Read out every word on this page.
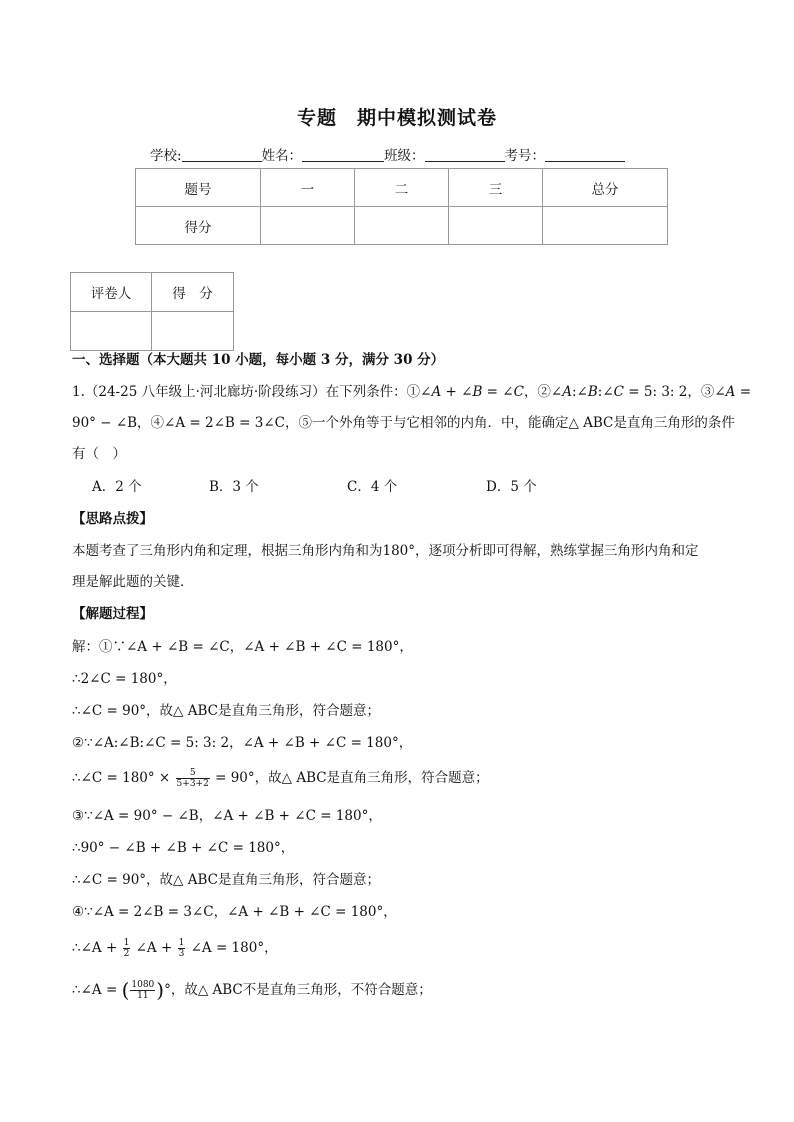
专题　期中模拟测试卷
学校:	姓名：	班级：	考号：
题号	一	二	三	总分
得分				
评卷人	得　分

一、选择题（本大题共 10 小题，每小题 3 分，满分 30 分）
1.（24-25 八年级上·河北廊坊·阶段练习）在下列条件：①∠A + ∠B = ∠C，②∠A:∠B:∠C = 5: 3: 2，③∠A =
90° − ∠B，④∠A = 2∠B = 3∠C，⑤一个外角等于与它相邻的内角．中，能确定△ ABC是直角三角形的条件
有（　）
A．2 个	B．3 个	C．4 个	D．5 个
【思路点拨】
本题考查了三角形内角和定理，根据三角形内角和为180°，逐项分析即可得解，熟练掌握三角形内角和定
理是解此题的关键．
【解题过程】
解：①∵∠A + ∠B = ∠C，∠A + ∠B + ∠C = 180°，
∴2∠C = 180°，
∴∠C = 90°，故△ ABC是直角三角形，符合题意；
②∵∠A:∠B:∠C = 5: 3: 2，∠A + ∠B + ∠C = 180°，
∴∠C = $180^\circ \times \frac{5}{5+3+2} = 90^\circ$，故△ ABC是直角三角形，符合题意；
③∵∠A = 90° − ∠B，∠A + ∠B + ∠C = 180°，
∴90° − ∠B + ∠B + ∠C = 180°，
∴∠C = 90°，故△ ABC是直角三角形，符合题意；
④∵∠A = 2∠B = 3∠C，∠A + ∠B + ∠C = 180°，
∴∠A + $\frac{1}{2}$ ∠A + $\frac{1}{3}$ ∠A = 180°，
∴∠A = ( $\frac{1080}{11}$ )°，故△ ABC不是直角三角形，不符合题意；
